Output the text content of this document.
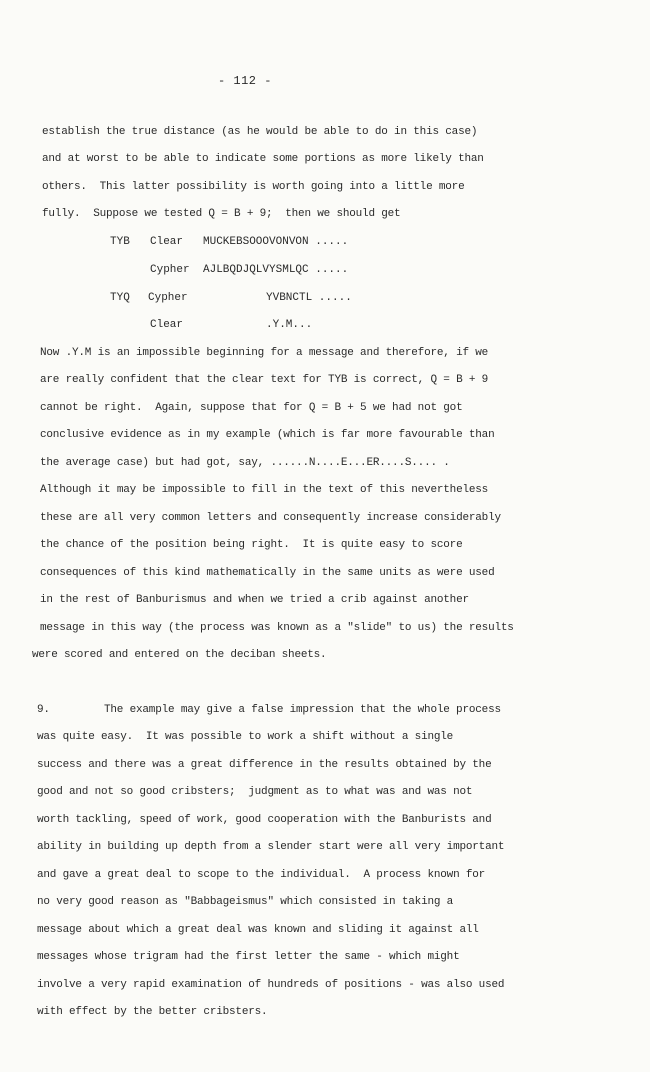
- 112 -
establish the true distance (as he would be able to do in this case)
and at worst to be able to indicate some portions as more likely than
others.  This latter possibility is worth going into a little more
fully.  Suppose we tested Q = B + 9;  then we should get
TYB Clear MUCKEBSOOOVONVON .....
Cypher AJLBQDJQLVYSMLQC .....
TYQ Cypher	YVBNCTL .....
Clear	.Y.M...
Now .Y.M is an impossible beginning for a message and therefore, if we
are really confident that the clear text for TYB is correct, Q = B + 9
cannot be right.  Again, suppose that for Q = B + 5 we had not got
conclusive evidence as in my example (which is far more favourable than
the average case) but had got, say, ......N....E...ER....S.... .
Although it may be impossible to fill in the text of this nevertheless
these are all very common letters and consequently increase considerably
the chance of the position being right.  It is quite easy to score
consequences of this kind mathematically in the same units as were used
in the rest of Banburismus and when we tried a crib against another
message in this way (the process was known as a "slide" to us) the results
were scored and entered on the deciban sheets.
9.	The example may give a false impression that the whole process
was quite easy.  It was possible to work a shift without a single
success and there was a great difference in the results obtained by the
good and not so good cribsters;  judgment as to what was and was not
worth tackling, speed of work, good cooperation with the Banburists and
ability in building up depth from a slender start were all very important
and gave a great deal to scope to the individual.  A process known for
no very good reason as "Babbageismus" which consisted in taking a
message about which a great deal was known and sliding it against all
messages whose trigram had the first letter the same - which might
involve a very rapid examination of hundreds of positions - was also used
with effect by the better cribsters.
